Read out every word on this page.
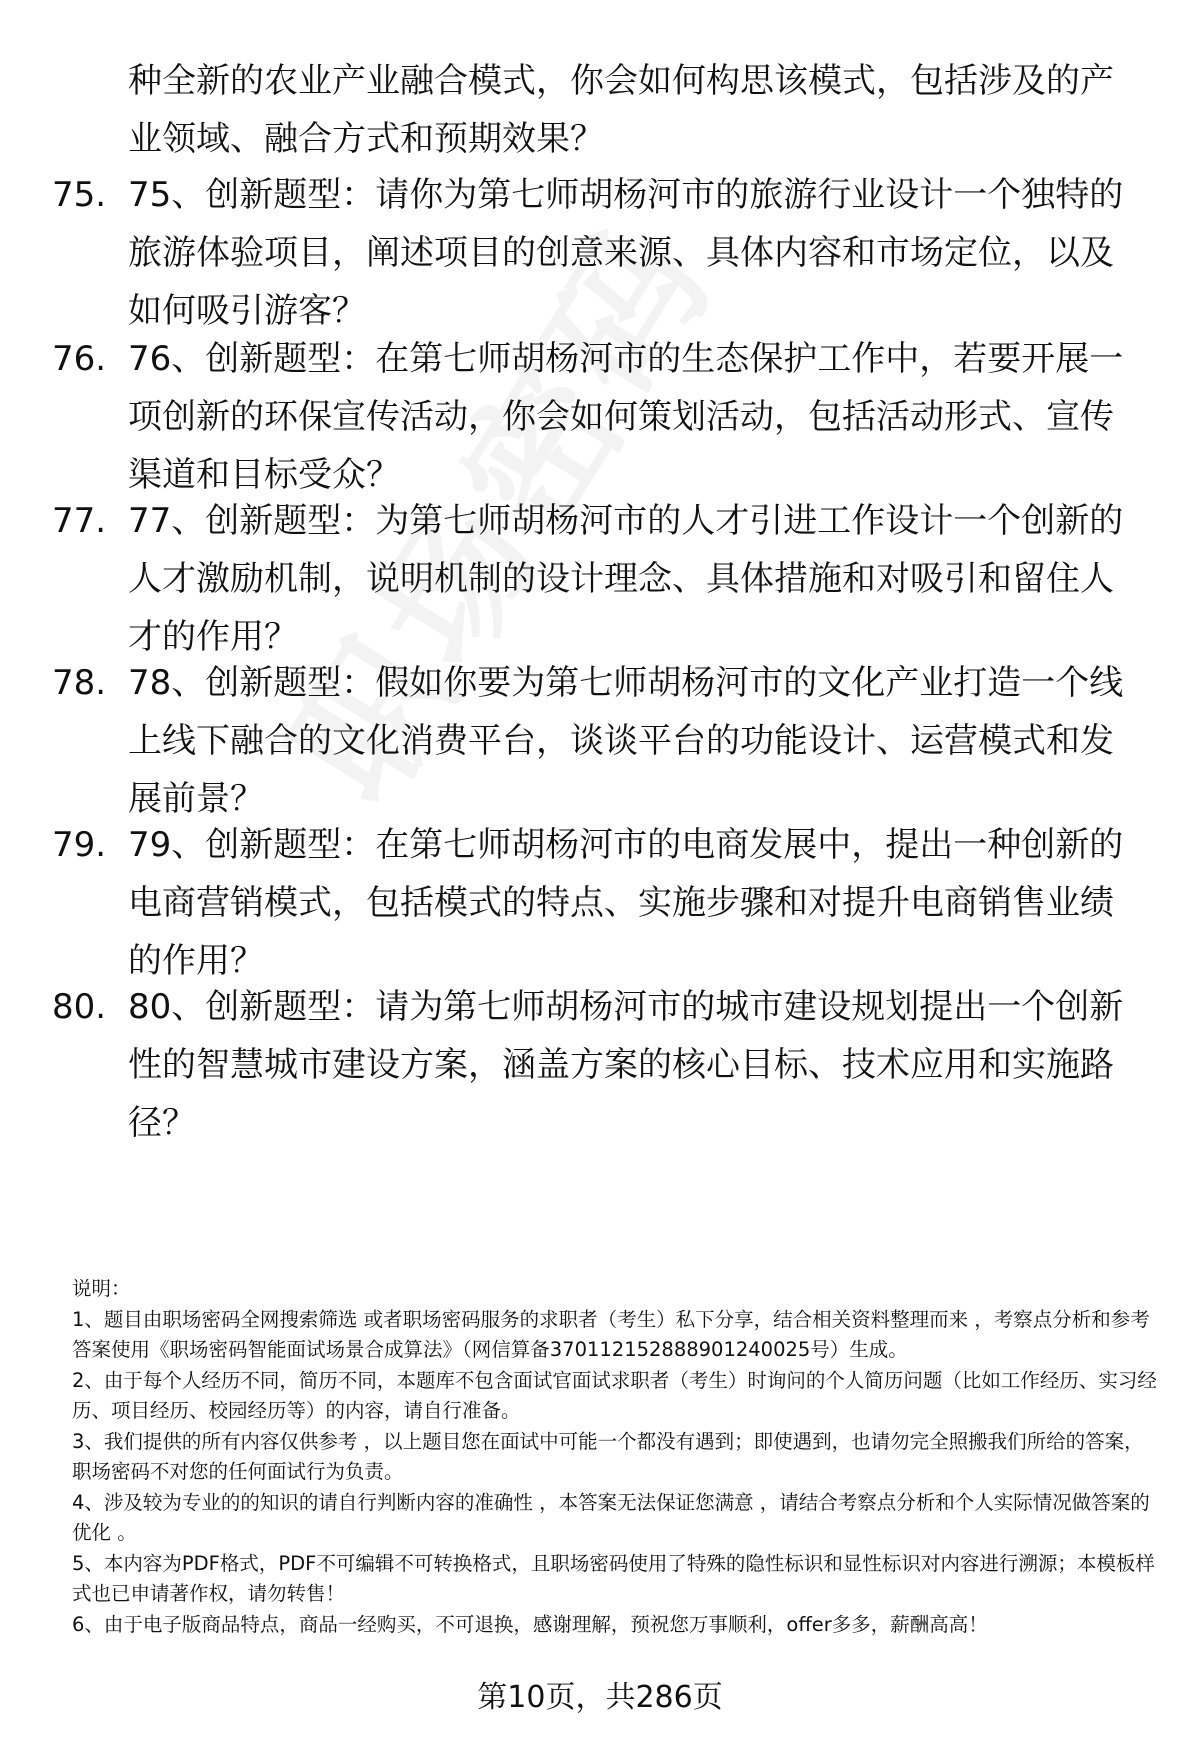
种全新的农业产业融合模式，你会如何构思该模式，包括涉及的产业领域、融合方式和预期效果？

75. 75、创新题型：请你为第七师胡杨河市的旅游行业设计一个独特的旅游体验项目，阐述项目的创意来源、具体内容和市场定位，以及如何吸引游客？

76. 76、创新题型：在第七师胡杨河市的生态保护工作中，若要开展一项创新的环保宣传活动，你会如何策划活动，包括活动形式、宣传渠道和目标受众？

77. 77、创新题型：为第七师胡杨河市的人才引进工作设计一个创新的人才激励机制，说明机制的设计理念、具体措施和对吸引和留住人才的作用？

78. 78、创新题型：假如你要为第七师胡杨河市的文化产业打造一个线上线下融合的文化消费平台，谈谈平台的功能设计、运营模式和发展前景？

79. 79、创新题型：在第七师胡杨河市的电商发展中，提出一种创新的电商营销模式，包括模式的特点、实施步骤和对提升电商销售业绩的作用？

80. 80、创新题型：请为第七师胡杨河市的城市建设规划提出一个创新性的智慧城市建设方案，涵盖方案的核心目标、技术应用和实施路径？

说明：

1、题目由职场密码全网搜索筛选 或者职场密码服务的求职者（考生）私下分享，结合相关资料整理而来 ，考察点分析和参考答案使用《职场密码智能面试场景合成算法》（网信算备370112152888901240025号）生成。

2、由于每个人经历不同，简历不同，本题库不包含面试官面试求职者（考生）时询问的个人简历问题（比如工作经历、实习经历、项目经历、校园经历等）的内容，请自行准备。

3、我们提供的所有内容仅供参考 ，以上题目您在面试中可能一个都没有遇到；即使遇到，也请勿完全照搬我们所给的答案，职场密码不对您的任何面试行为负责。

4、涉及较为专业的的知识的请自行判断内容的准确性 ，本答案无法保证您满意 ，请结合考察点分析和个人实际情况做答案的优化 。

5、本内容为PDF格式，PDF不可编辑不可转换格式，且职场密码使用了特殊的隐性标识和显性标识对内容进行溯源；本模板样式也已申请著作权，请勿转售！

6、由于电子版商品特点，商品一经购买，不可退换，感谢理解，预祝您万事顺利，offer多多，薪酬高高！

第10页，共286页
